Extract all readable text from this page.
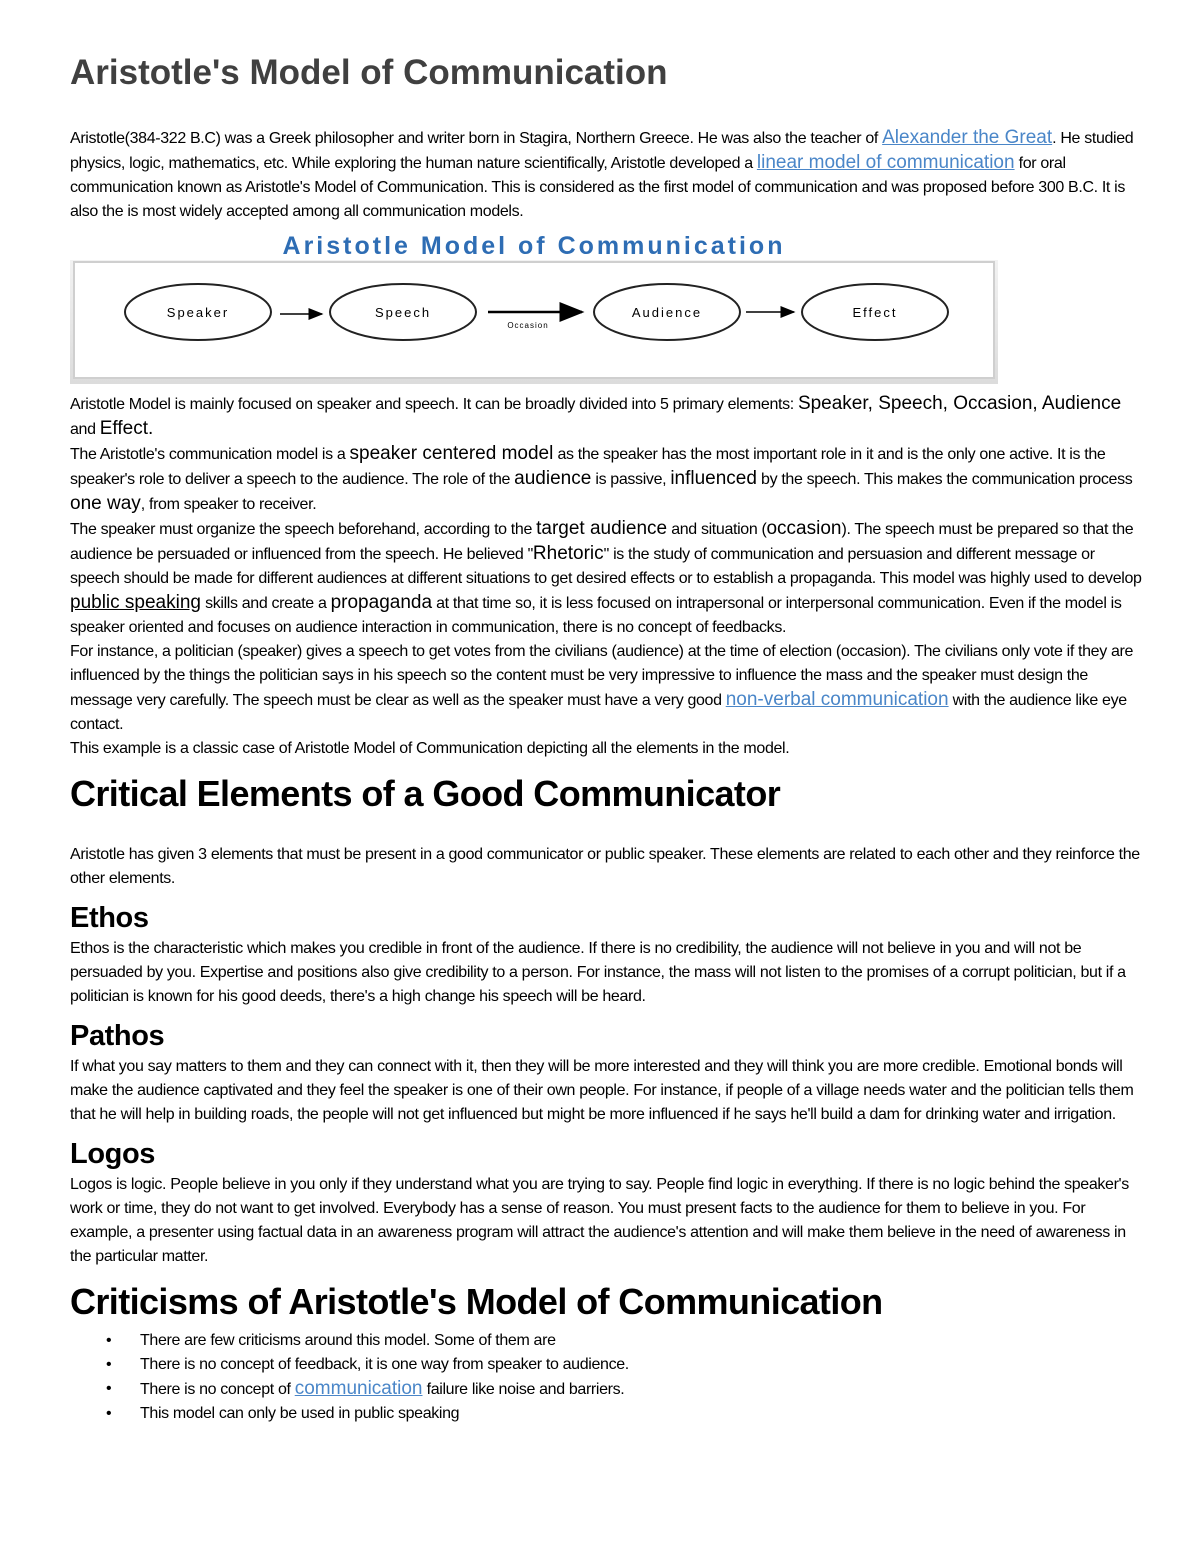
Aristotle's Model of Communication

Aristotle(384-322 B.C) was a Greek philosopher and writer born in Stagira, Northern Greece. He was also the teacher of Alexander the Great. He studied physics, logic, mathematics, etc. While exploring the human nature scientifically, Aristotle developed a linear model of communication for oral communication known as Aristotle's Model of Communication. This is considered as the first model of communication and was proposed before 300 B.C. It is also the is most widely accepted among all communication models.

Aristotle Model of Communication
Speaker	Speech
Occasion
Audience	Effect

Aristotle Model is mainly focused on speaker and speech. It can be broadly divided into 5 primary elements: Speaker, Speech, Occasion, Audience and Effect.

The Aristotle's communication model is a speaker centered model as the speaker has the most important role in it and is the only one active. It is the speaker's role to deliver a speech to the audience. The role of the audience is passive, influenced by the speech. This makes the communication process one way, from speaker to receiver.

The speaker must organize the speech beforehand, according to the target audience and situation (occasion). The speech must be prepared so that the audience be persuaded or influenced from the speech. He believed "Rhetoric" is the study of communication and persuasion and different message or speech should be made for different audiences at different situations to get desired effects or to establish a propaganda. This model was highly used to develop public speaking skills and create a propaganda at that time so, it is less focused on intrapersonal or interpersonal communication. Even if the model is speaker oriented and focuses on audience interaction in communication, there is no concept of feedbacks.

For instance, a politician (speaker) gives a speech to get votes from the civilians (audience) at the time of election (occasion). The civilians only vote if they are influenced by the things the politician says in his speech so the content must be very impressive to influence the mass and the speaker must design the message very carefully. The speech must be clear as well as the speaker must have a very good non-verbal communication with the audience like eye contact.

This example is a classic case of Aristotle Model of Communication depicting all the elements in the model.

Critical Elements of a Good Communicator

Aristotle has given 3 elements that must be present in a good communicator or public speaker. These elements are related to each other and they reinforce the other elements.

Ethos

Ethos is the characteristic which makes you credible in front of the audience. If there is no credibility, the audience will not believe in you and will not be persuaded by you. Expertise and positions also give credibility to a person. For instance, the mass will not listen to the promises of a corrupt politician, but if a politician is known for his good deeds, there's a high change his speech will be heard.

Pathos

If what you say matters to them and they can connect with it, then they will be more interested and they will think you are more credible. Emotional bonds will make the audience captivated and they feel the speaker is one of their own people. For instance, if people of a village needs water and the politician tells them that he will help in building roads, the people will not get influenced but might be more influenced if he says he'll build a dam for drinking water and irrigation.

Logos

Logos is logic. People believe in you only if they understand what you are trying to say. People find logic in everything. If there is no logic behind the speaker's work or time, they do not want to get involved. Everybody has a sense of reason. You must present facts to the audience for them to believe in you. For example, a presenter using factual data in an awareness program will attract the audience's attention and will make them believe in the need of awareness in the particular matter.

Criticisms of Aristotle's Model of Communication
• There are few criticisms around this model. Some of them are
• There is no concept of feedback, it is one way from speaker to audience.
• There is no concept of communication failure like noise and barriers.
• This model can only be used in public speaking
